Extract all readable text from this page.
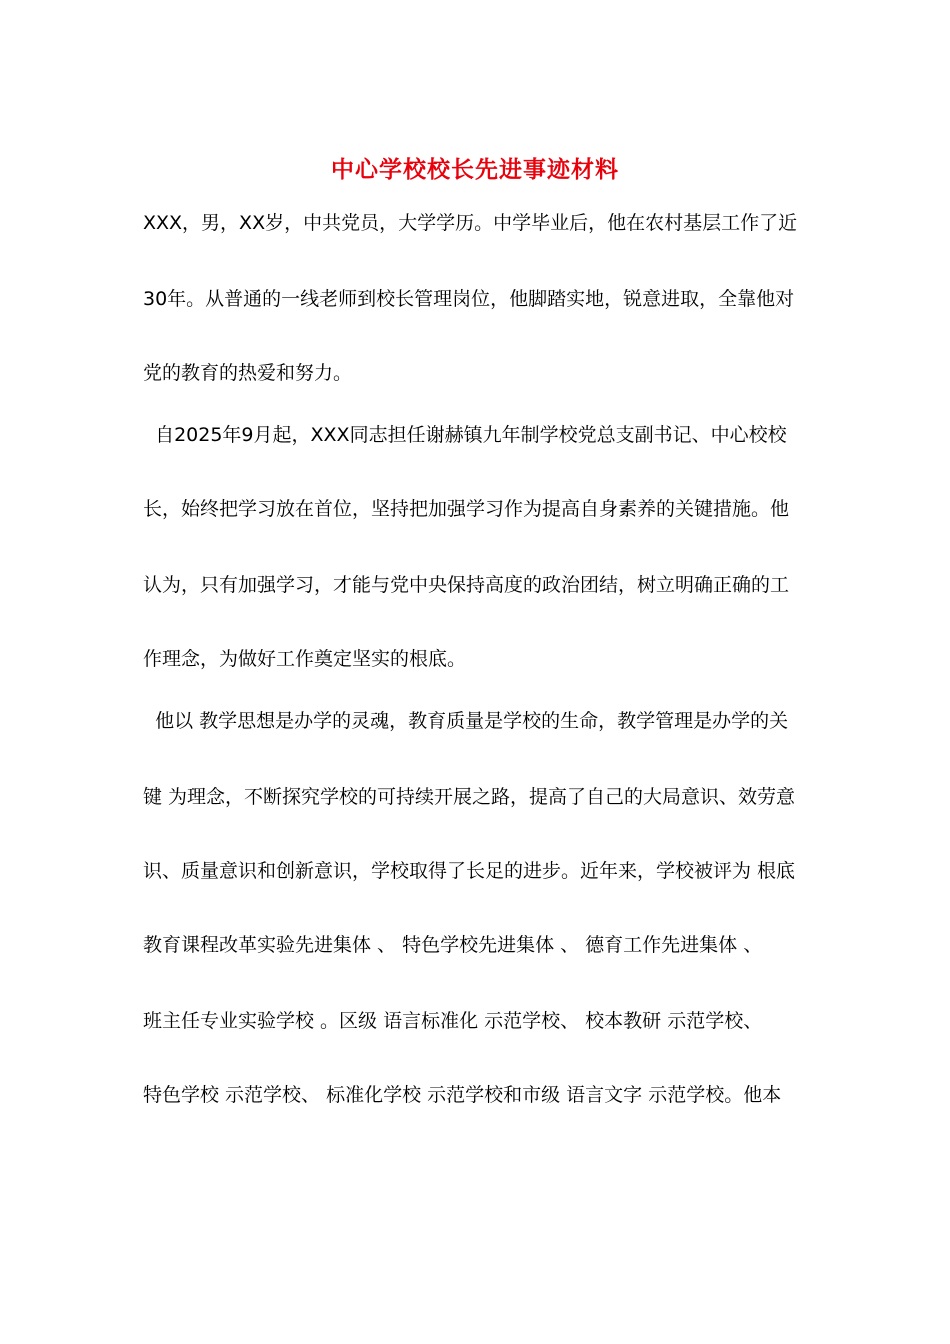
中心学校校长先进事迹材料
XXX，男，XX岁，中共党员，大学学历。中学毕业后，他在农村基层工作了近
30年。从普通的一线老师到校长管理岗位，他脚踏实地，锐意进取，全靠他对
党的教育的热爱和努力。
自2025年9月起，XXX同志担任谢赫镇九年制学校党总支副书记、中心校校
长，始终把学习放在首位，坚持把加强学习作为提高自身素养的关键措施。他
认为，只有加强学习，才能与党中央保持高度的政治团结，树立明确正确的工
作理念，为做好工作奠定坚实的根底。
他以 教学思想是办学的灵魂，教育质量是学校的生命，教学管理是办学的关
键 为理念，不断探究学校的可持续开展之路，提高了自己的大局意识、效劳意
识、质量意识和创新意识，学校取得了长足的进步。近年来，学校被评为 根底
教育课程改革实验先进集体 、 特色学校先进集体 、 德育工作先进集体 、
班主任专业实验学校 。区级 语言标准化 示范学校、 校本教研 示范学校、
特色学校 示范学校、 标准化学校 示范学校和市级 语言文字 示范学校。他本
